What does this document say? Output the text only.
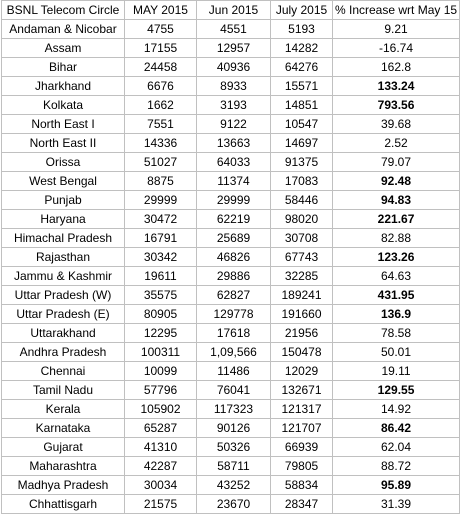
BSNL Telecom Circle	MAY 2015	Jun 2015	July 2015	% Increase wrt May 15
Andaman & Nicobar	4755	4551	5193	9.21
Assam	17155	12957	14282	-16.74
Bihar	24458	40936	64276	162.8
Jharkhand	6676	8933	15571	133.24
Kolkata	1662	3193	14851	793.56
North East I	7551	9122	10547	39.68
North East II	14336	13663	14697	2.52
Orissa	51027	64033	91375	79.07
West Bengal	8875	11374	17083	92.48
Punjab	29999	29999	58446	94.83
Haryana	30472	62219	98020	221.67
Himachal Pradesh	16791	25689	30708	82.88
Rajasthan	30342	46826	67743	123.26
Jammu & Kashmir	19611	29886	32285	64.63
Uttar Pradesh (W)	35575	62827	189241	431.95
Uttar Pradesh (E)	80905	129778	191660	136.9
Uttarakhand	12295	17618	21956	78.58
Andhra Pradesh	100311	1,09,566	150478	50.01
Chennai	10099	11486	12029	19.11
Tamil Nadu	57796	76041	132671	129.55
Kerala	105902	117323	121317	14.92
Karnataka	65287	90126	121707	86.42
Gujarat	41310	50326	66939	62.04
Maharashtra	42287	58711	79805	88.72
Madhya Pradesh	30034	43252	58834	95.89
Chhattisgarh	21575	23670	28347	31.39
